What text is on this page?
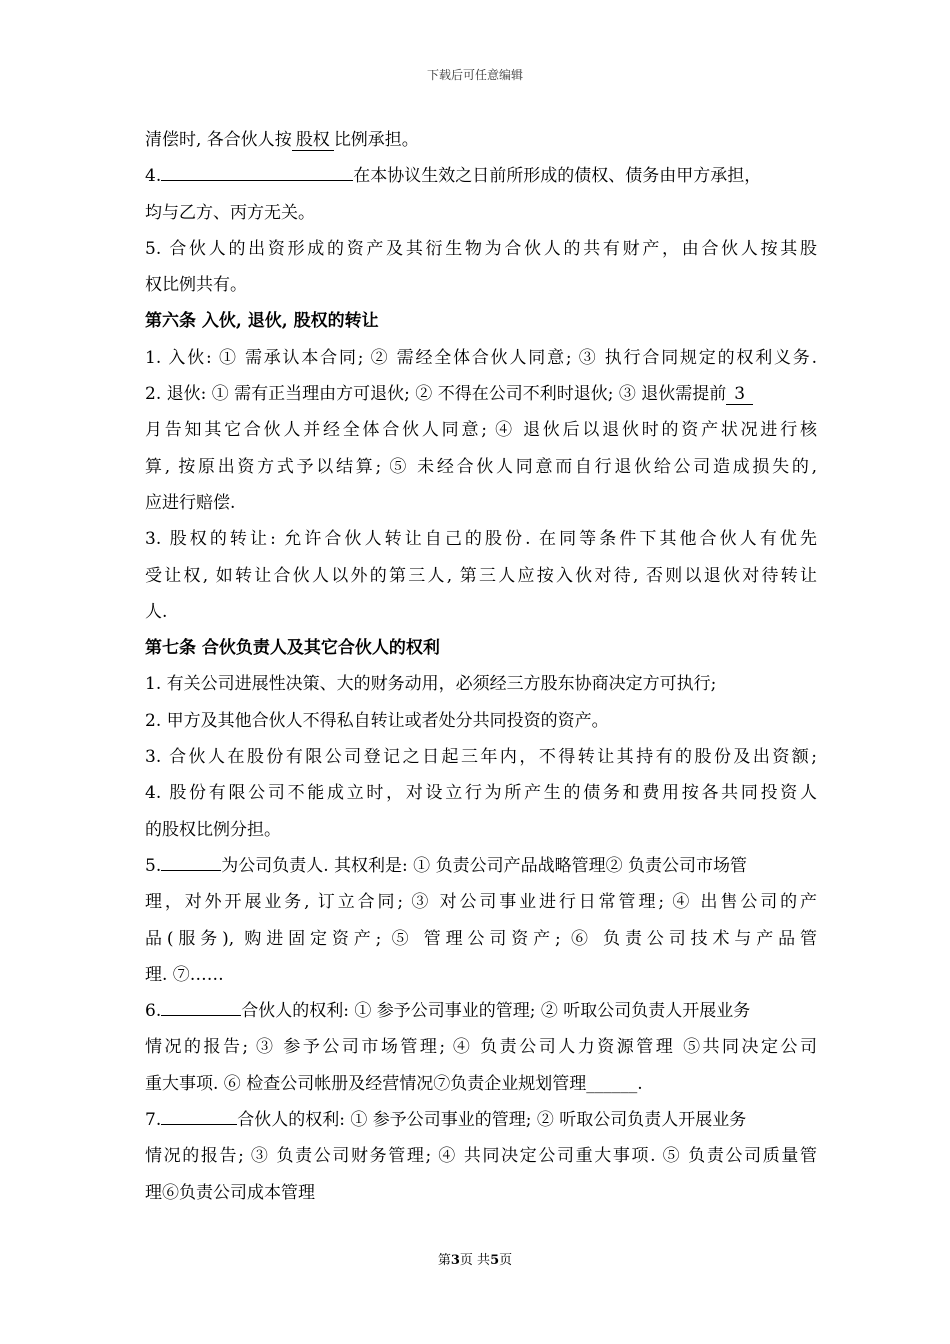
下载后可任意编辑
清偿时, 各合伙人按 股权 比例承担。
4.	在本协议生效之日前所形成的债权、债务由甲方承担，
均与乙方、丙方无关。
5. 合伙人的出资形成的资产及其衍生物为合伙人的共有财产，由合伙人按其股
权比例共有。
第六条 入伙, 退伙, 股权的转让
1. 入伙: ① 需承认本合同; ② 需经全体合伙人同意; ③ 执行合同规定的权利义务.
2. 退伙: ① 需有正当理由方可退伙; ② 不得在公司不利时退伙; ③ 退伙需提前 3
月告知其它合伙人并经全体合伙人同意; ④ 退伙后以退伙时的资产状况进行核
算, 按原出资方式予以结算; ⑤ 未经合伙人同意而自行退伙给公司造成损失的,
应进行赔偿.
3. 股权的转让: 允许合伙人转让自己的股份. 在同等条件下其他合伙人有优先
受让权, 如转让合伙人以外的第三人, 第三人应按入伙对待, 否则以退伙对待转让
人.
第七条 合伙负责人及其它合伙人的权利
1. 有关公司进展性决策、大的财务动用，必须经三方股东协商决定方可执行;
2. 甲方及其他合伙人不得私自转让或者处分共同投资的资产。
3. 合伙人在股份有限公司登记之日起三年内，不得转让其持有的股份及出资额;
4. 股份有限公司不能成立时，对设立行为所产生的债务和费用按各共同投资人
的股权比例分担。
5.	为公司负责人. 其权利是: ① 负责公司产品战略管理② 负责公司市场管
理，对外开展业务, 订立合同; ③ 对公司事业进行日常管理; ④ 出售公司的产
品(服务), 购进固定资产; ⑤ 管理公司资产; ⑥ 负责公司技术与产品管
理. ⑦……
6.	合伙人的权利: ① 参予公司事业的管理; ② 听取公司负责人开展业务
情况的报告; ③ 参予公司市场管理; ④ 负责公司人力资源管理 ⑤共同决定公司
重大事项. ⑥ 检查公司帐册及经营情况⑦负责企业规划管理______.
7.	合伙人的权利: ① 参予公司事业的管理; ② 听取公司负责人开展业务
情况的报告; ③ 负责公司财务管理; ④ 共同决定公司重大事项. ⑤ 负责公司质量管
理⑥负责公司成本管理
第3页 共5页
